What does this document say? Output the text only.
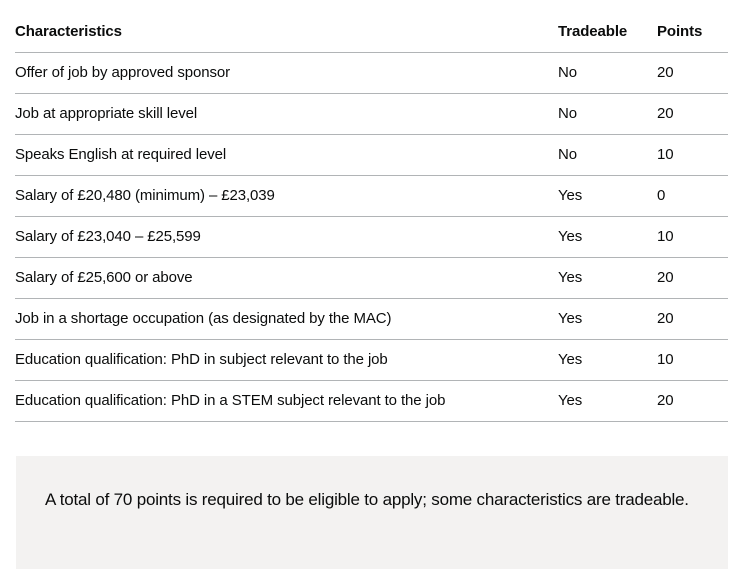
Characteristics	Tradeable	Points
Offer of job by approved sponsor	No	20
Job at appropriate skill level	No	20
Speaks English at required level	No	10
Salary of £20,480 (minimum) – £23,039	Yes	0
Salary of £23,040 – £25,599	Yes	10
Salary of £25,600 or above	Yes	20
Job in a shortage occupation (as designated by the MAC)	Yes	20
Education qualification: PhD in subject relevant to the job	Yes	10
Education qualification: PhD in a STEM subject relevant to the job	Yes	20

A total of 70 points is required to be eligible to apply; some characteristics are tradeable.
